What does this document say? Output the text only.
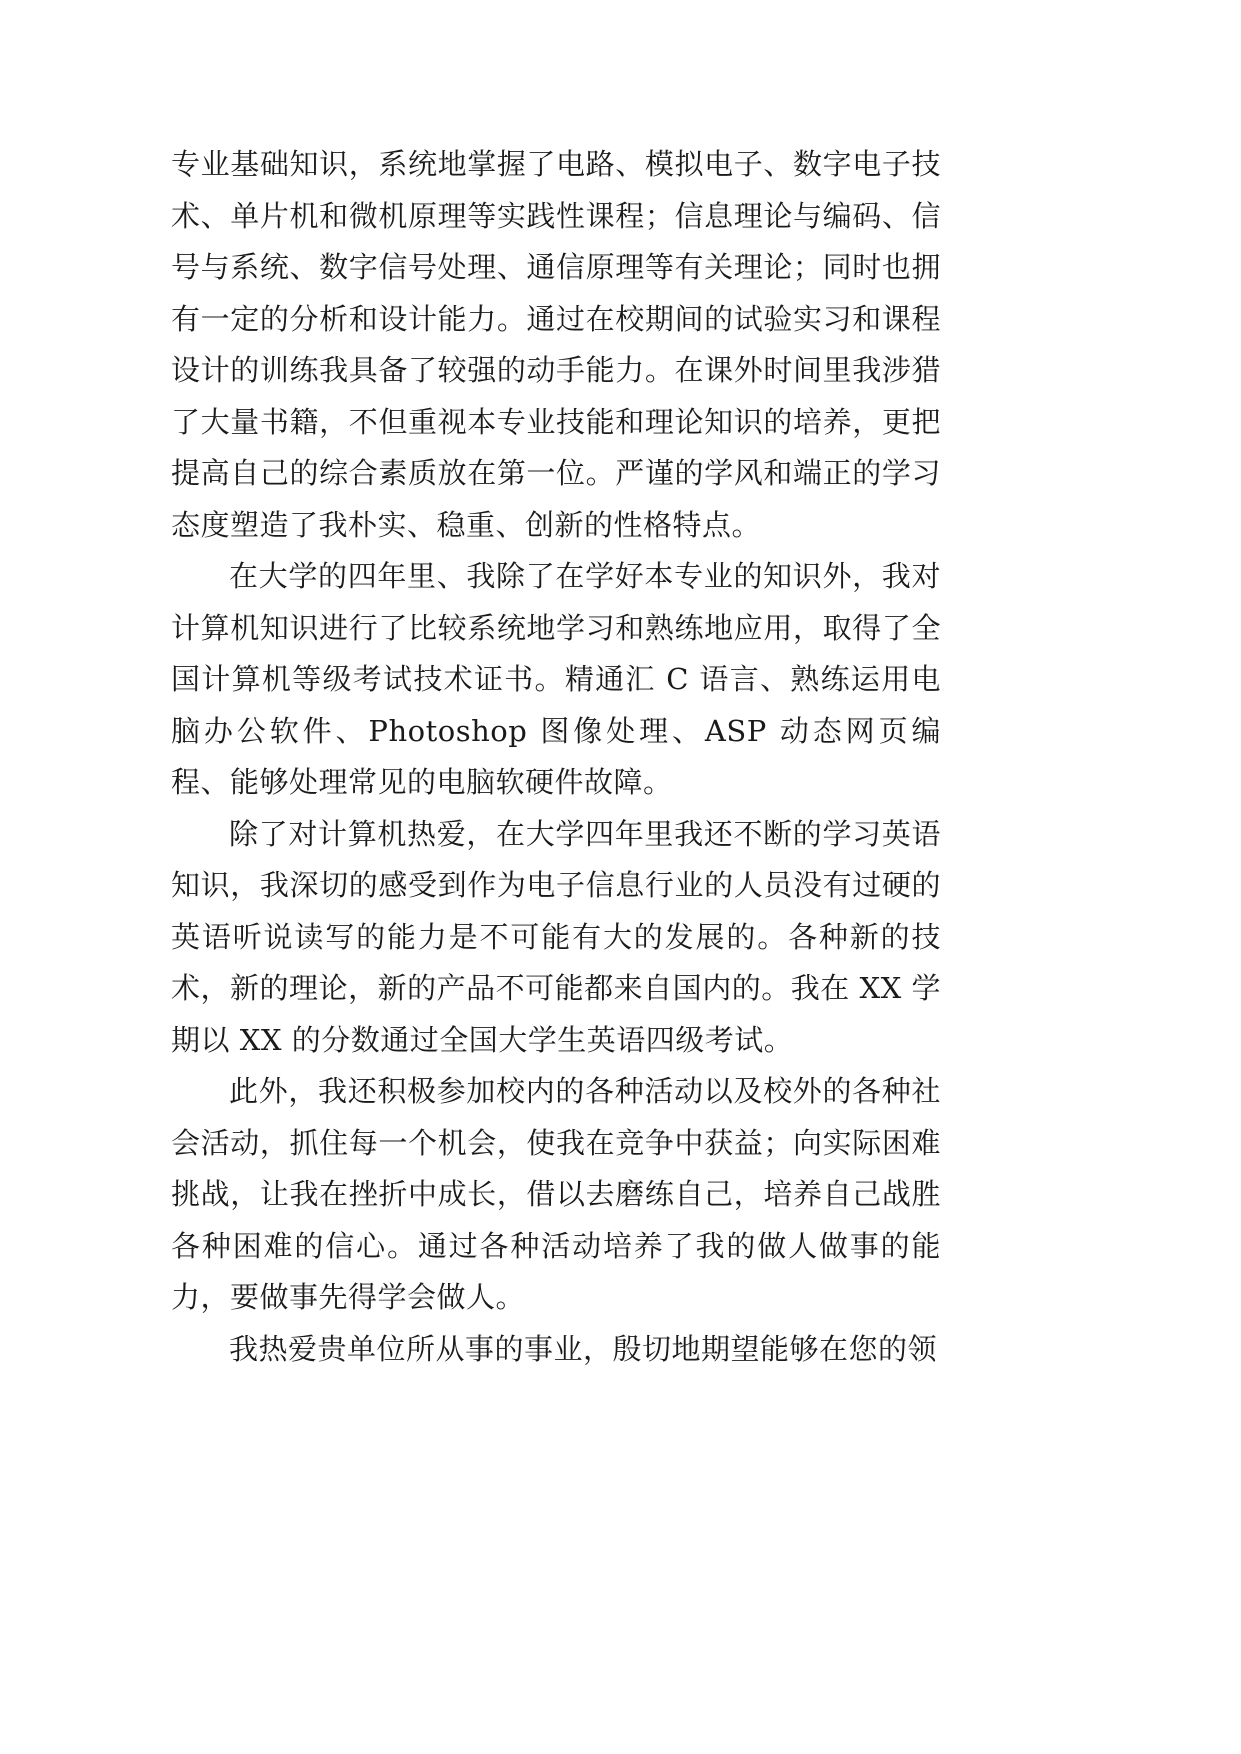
专业基础知识，系统地掌握了电路、模拟电子、数字电子技术、单片机和微机原理等实践性课程；信息理论与编码、信号与系统、数字信号处理、通信原理等有关理论；同时也拥有一定的分析和设计能力。通过在校期间的试验实习和课程设计的训练我具备了较强的动手能力。在课外时间里我涉猎了大量书籍，不但重视本专业技能和理论知识的培养，更把提高自己的综合素质放在第一位。严谨的学风和端正的学习态度塑造了我朴实、稳重、创新的性格特点。

在大学的四年里、我除了在学好本专业的知识外，我对计算机知识进行了比较系统地学习和熟练地应用，取得了全国计算机等级考试技术证书。精通汇 C 语言、熟练运用电脑办公软件、Photoshop 图像处理、ASP 动态网页编程、能够处理常见的电脑软硬件故障。

除了对计算机热爱，在大学四年里我还不断的学习英语知识，我深切的感受到作为电子信息行业的人员没有过硬的英语听说读写的能力是不可能有大的发展的。各种新的技术，新的理论，新的产品不可能都来自国内的。我在 XX 学期以 XX 的分数通过全国大学生英语四级考试。

此外，我还积极参加校内的各种活动以及校外的各种社会活动，抓住每一个机会，使我在竞争中获益；向实际困难挑战，让我在挫折中成长，借以去磨练自己，培养自己战胜各种困难的信心。通过各种活动培养了我的做人做事的能力，要做事先得学会做人。

我热爱贵单位所从事的事业，殷切地期望能够在您的领
